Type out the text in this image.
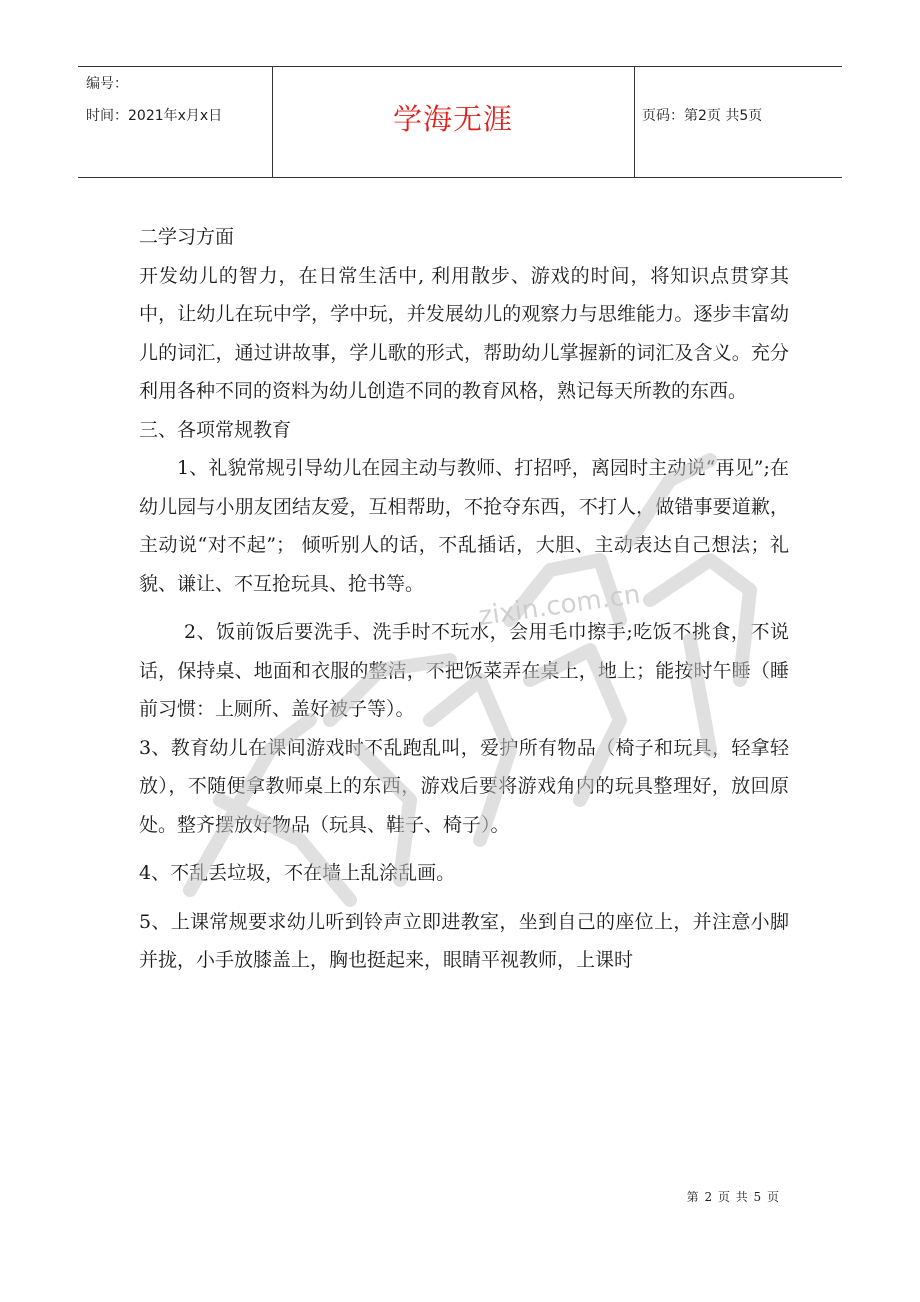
编号：
时间：2021年x月x日	学海无涯	页码：第2页 共5页

二学习方面

开发幼儿的智力，在日常生活中, 利用散步、游戏的时间，将知识点贯穿其中，让幼儿在玩中学，学中玩，并发展幼儿的观察力与思维能力。逐步丰富幼儿的词汇，通过讲故事，学儿歌的形式，帮助幼儿掌握新的词汇及含义。充分利用各种不同的资料为幼儿创造不同的教育风格，熟记每天所教的东西。

三、各项常规教育

1、礼貌常规引导幼儿在园主动与教师、打招呼，离园时主动说“再见”;在幼儿园与小朋友团结友爱，互相帮助，不抢夺东西，不打人，做错事要道歉，主动说“对不起”； 倾听别人的话，不乱插话，大胆、主动表达自己想法；礼貌、谦让、不互抢玩具、抢书等。

2、饭前饭后要洗手、洗手时不玩水，会用毛巾擦手;吃饭不挑食，不说话，保持桌、地面和衣服的整洁，不把饭菜弄在桌上，地上；能按时午睡（睡前习惯：上厕所、盖好被子等）。

3、教育幼儿在课间游戏时不乱跑乱叫，爱护所有物品（椅子和玩具，轻拿轻放），不随便拿教师桌上的东西，游戏后要将游戏角内的玩具整理好，放回原处。整齐摆放好物品（玩具、鞋子、椅子）。

4、不乱丢垃圾，不在墙上乱涂乱画。

5、上课常规要求幼儿听到铃声立即进教室，坐到自己的座位上，并注意小脚并拢，小手放膝盖上，胸也挺起来，眼睛平视教师，上课时

zixin.com.cn
第 2 页 共 5 页
